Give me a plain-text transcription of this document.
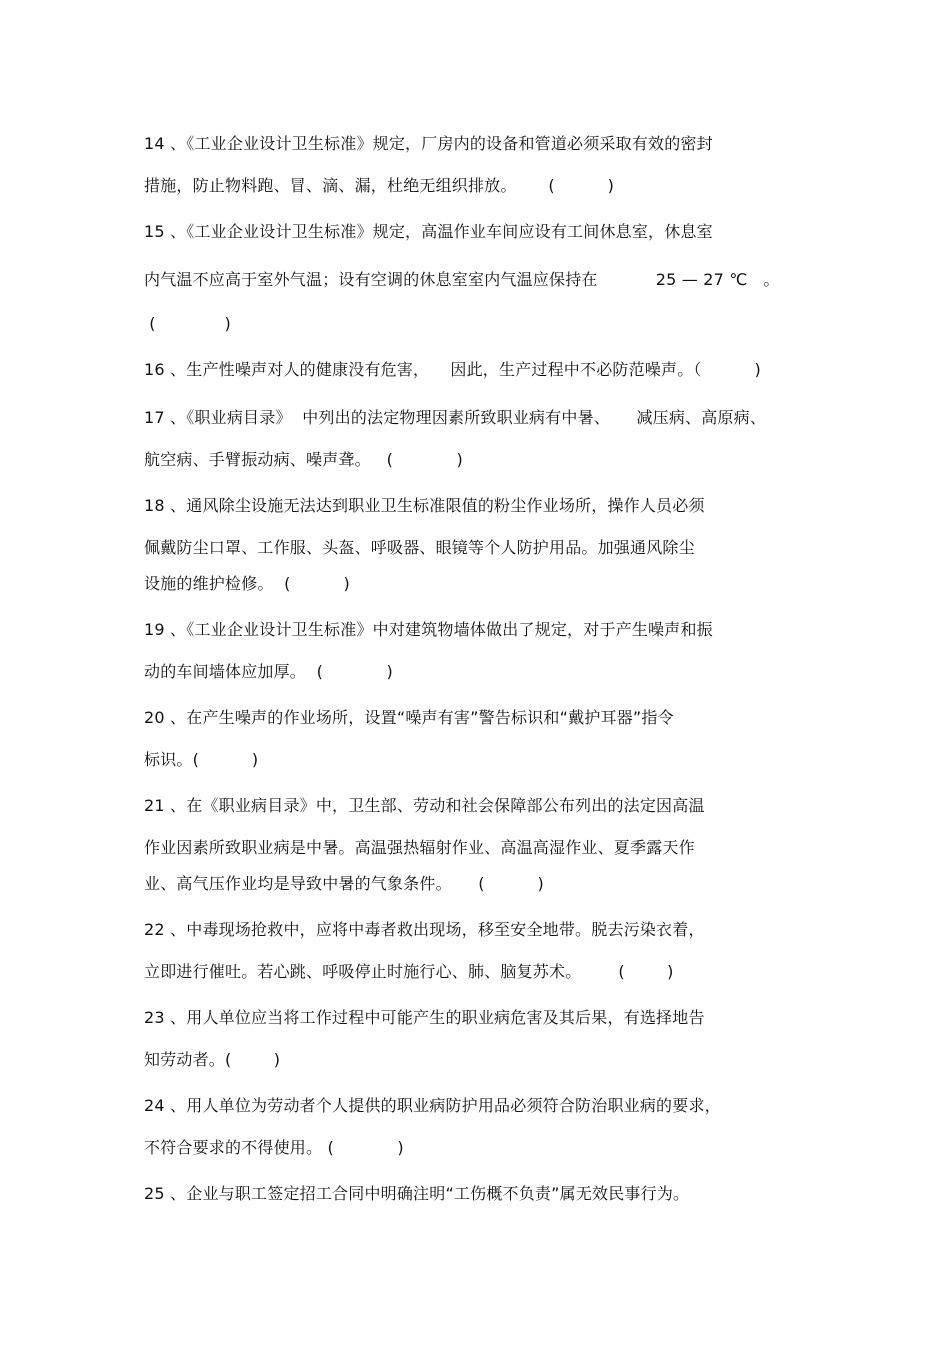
14 、《工业企业设计卫生标准》规定，厂房内的设备和管道必须采取有效的密封
措施，防止物料跑、冒、滴、漏，杜绝无组织排放。      (          )
15 、《工业企业设计卫生标准》规定，高温作业车间应设有工间休息室，休息室
内气温不应高于室外气温；设有空调的休息室室内气温应保持在           25 — 27 ℃   。
(             )
16 、生产性噪声对人的健康没有危害，    因此，生产过程中不必防范噪声。（          )
17 、《职业病目录》  中列出的法定物理因素所致职业病有中暑、     减压病、高原病、
航空病、手臂振动病、噪声聋。   (            )
18 、通风除尘设施无法达到职业卫生标准限值的粉尘作业场所，操作人员必须
佩戴防尘口罩、工作服、头盔、呼吸器、眼镜等个人防护用品。加强通风除尘
设施的维护检修。  (          )
19 、《工业企业设计卫生标准》中对建筑物墙体做出了规定，对于产生噪声和振
动的车间墙体应加厚。  (            )
20 、在产生噪声的作业场所，设置“噪声有害”警告标识和“戴护耳器”指令
标识。(          )
21 、在《职业病目录》中，卫生部、劳动和社会保障部公布列出的法定因高温
作业因素所致职业病是中暑。高温强热辐射作业、高温高湿作业、夏季露天作
业、高气压作业均是导致中暑的气象条件。     (          )
22 、中毒现场抢救中，应将中毒者救出现场，移至安全地带。脱去污染衣着，
立即进行催吐。若心跳、呼吸停止时施行心、肺、脑复苏术。       (        )
23 、用人单位应当将工作过程中可能产生的职业病危害及其后果，有选择地告
知劳动者。(        )
24 、用人单位为劳动者个人提供的职业病防护用品必须符合防治职业病的要求，
不符合要求的不得使用。 (            )
25 、企业与职工签定招工合同中明确注明“工伤概不负责”属无效民事行为。
